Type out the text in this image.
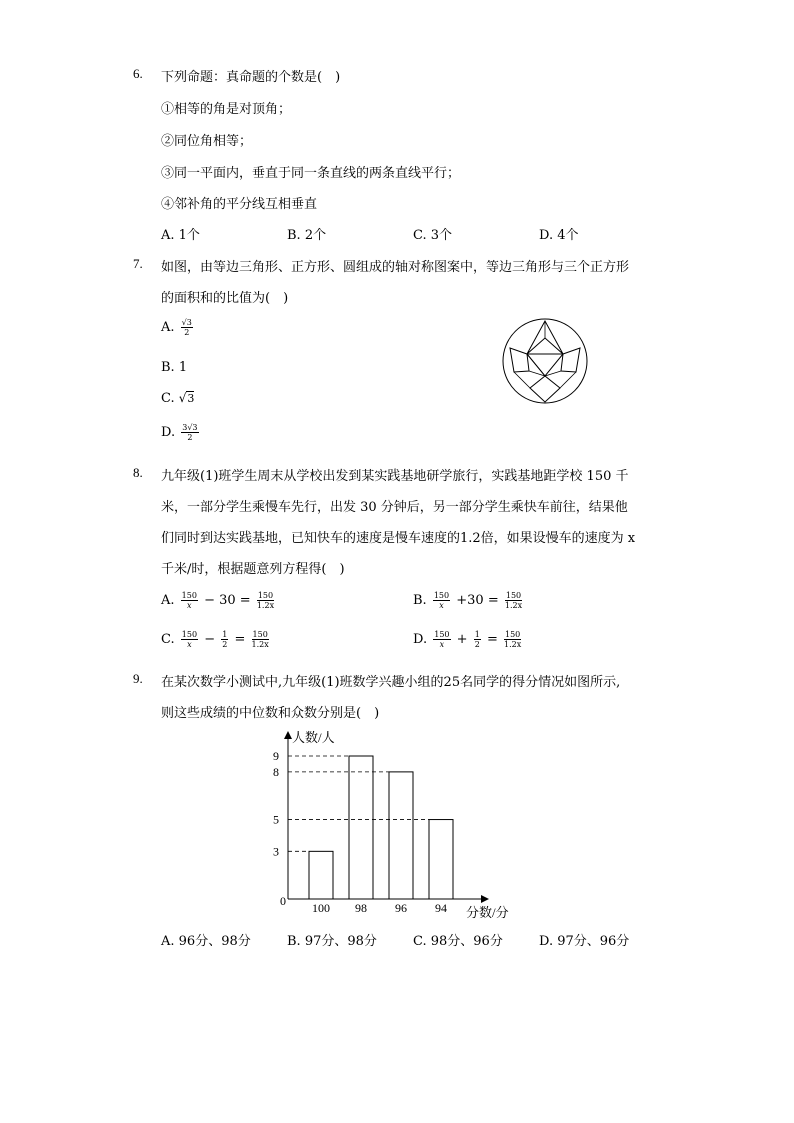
6. 下列命题：真命题的个数是(　)
①相等的角是对顶角；
②同位角相等；
③同一平面内，垂直于同一条直线的两条直线平行；
④邻补角的平分线互相垂直
A. 1个	B. 2个	C. 3个	D. 4个
7. 如图，由等边三角形、正方形、圆组成的轴对称图案中，等边三角形与三个正方形
的面积和的比值为(　)
A. $\frac{√3}{2}$
B. 1
C. √3
D. $\frac{3√3}{2}$
8. 九年级(1)班学生周末从学校出发到某实践基地研学旅行，实践基地距学校 150 千
米，一部分学生乘慢车先行，出发 30 分钟后，另一部分学生乘快车前往，结果他
们同时到达实践基地，已知快车的速度是慢车速度的1.2倍，如果设慢车的速度为 x
千米/时，根据题意列方程得(　)
A. $\frac{150}{x} - 30 = \frac{150}{1.2x}$	B. $\frac{150}{x} +30 = \frac{150}{1.2x}$
C. $\frac{150}{x} - \frac{1}{2} = \frac{150}{1.2x}$	D. $\frac{150}{x} + \frac{1}{2} = \frac{150}{1.2x}$
9. 在某次数学小测试中,九年级(1)班数学兴趣小组的25名同学的得分情况如图所示,
则这些成绩的中位数和众数分别是(　)
人数/人
分数/分
0
3
5
8
9
100 98 96 94
A. 96分、98分	B. 97分、98分	C. 98分、96分	D. 97分、96分
